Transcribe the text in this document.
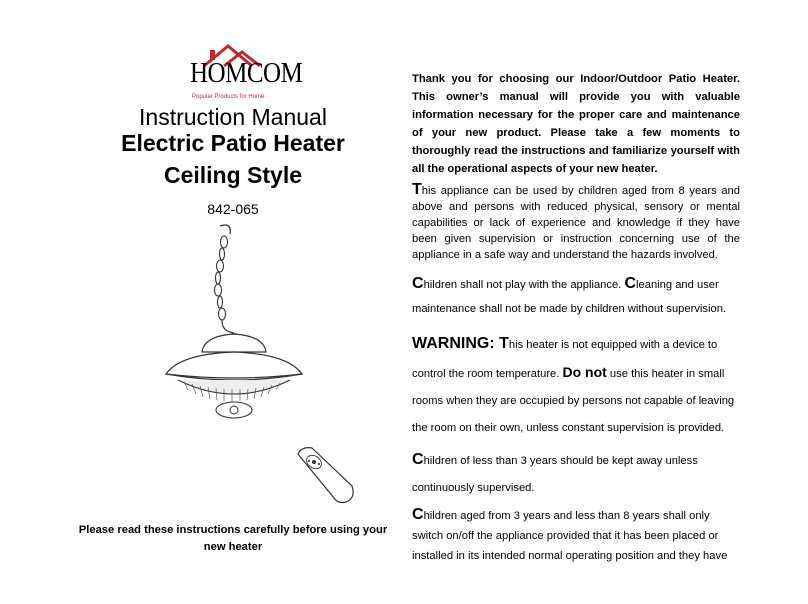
HOMCOM
Popular Products for Home
Instruction Manual
Electric Patio Heater
Ceiling Style
842-065
Please read these instructions carefully before using your
new heater
Thank you for choosing our Indoor/Outdoor Patio Heater. This owner’s manual will provide you with valuable information necessary for the proper care and maintenance of your new product. Please take a few moments to thoroughly read the instructions and familiarize yourself with all the operational aspects of your new heater.
This appliance can be used by children aged from 8 years and above and persons with reduced physical, sensory or mental capabilities or lack of experience and knowledge if they have been given supervision or instruction concerning use of the appliance in a safe way and understand the hazards involved.
Children shall not play with the appliance. Cleaning and user maintenance shall not be made by children without supervision.
WARNING: This heater is not equipped with a device to control the room temperature. Do not use this heater in small rooms when they are occupied by persons not capable of leaving the room on their own, unless constant supervision is provided.
Children of less than 3 years should be kept away unless continuously supervised.
Children aged from 3 years and less than 8 years shall only switch on/off the appliance provided that it has been placed or installed in its intended normal operating position and they have
